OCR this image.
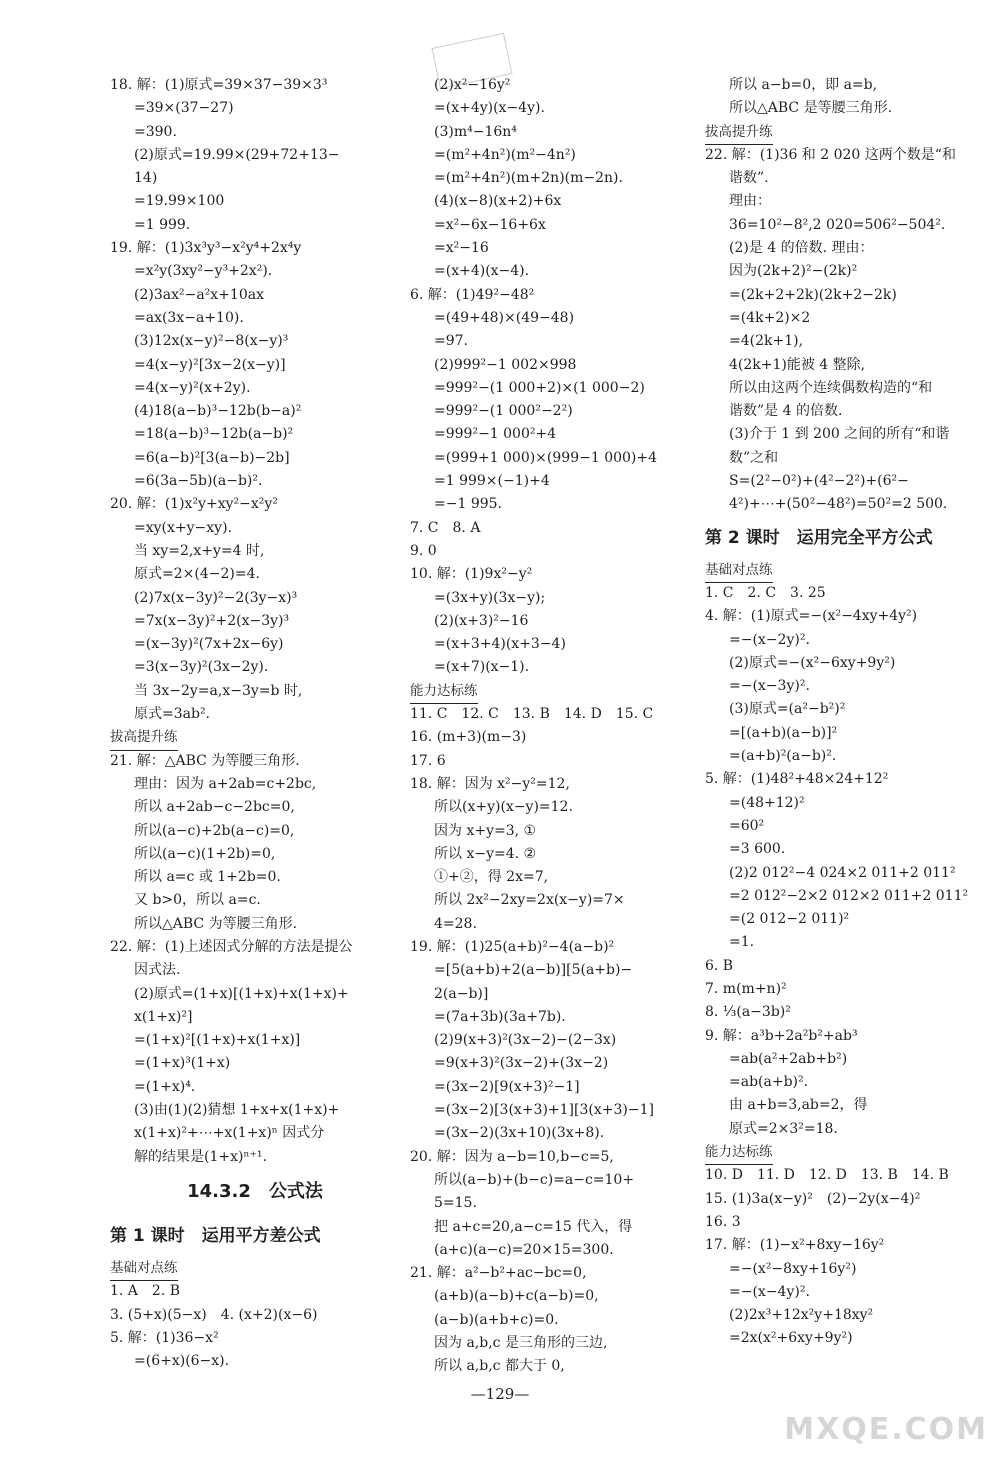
18. 解：(1)原式=39×37−39×3³
=39×(37−27)
=390.
(2)原式=19.99×(29+72+13−
14)
=19.99×100
=1 999.
19. 解：(1)3x³y³−x²y⁴+2x⁴y
=x²y(3xy²−y³+2x²).
(2)3ax²−a²x+10ax
=ax(3x−a+10).
(3)12x(x−y)²−8(x−y)³
=4(x−y)²[3x−2(x−y)]
=4(x−y)²(x+2y).
(4)18(a−b)³−12b(b−a)²
=18(a−b)³−12b(a−b)²
=6(a−b)²[3(a−b)−2b]
=6(3a−5b)(a−b)².
20. 解：(1)x²y+xy²−x²y²
=xy(x+y−xy).
当 xy=2,x+y=4 时,
原式=2×(4−2)=4.
(2)7x(x−3y)²−2(3y−x)³
=7x(x−3y)²+2(x−3y)³
=(x−3y)²(7x+2x−6y)
=3(x−3y)²(3x−2y).
当 3x−2y=a,x−3y=b 时,
原式=3ab².
拔高提升练
21. 解：△ABC 为等腰三角形.
理由：因为 a+2ab=c+2bc,
所以 a+2ab−c−2bc=0,
所以(a−c)+2b(a−c)=0,
所以(a−c)(1+2b)=0,
所以 a=c 或 1+2b=0.
又 b>0，所以 a=c.
所以△ABC 为等腰三角形.
22. 解：(1)上述因式分解的方法是提公
因式法.
(2)原式=(1+x)[(1+x)+x(1+x)+
x(1+x)²]
=(1+x)²[(1+x)+x(1+x)]
=(1+x)³(1+x)
=(1+x)⁴.
(3)由(1)(2)猜想 1+x+x(1+x)+
x(1+x)²+⋯+x(1+x)ⁿ 因式分
解的结果是(1+x)ⁿ⁺¹.
14.3.2　公式法
第 1 课时　运用平方差公式
基础对点练
1. A　2. B
3. (5+x)(5−x)　4. (x+2)(x−6)
5. 解：(1)36−x²
=(6+x)(6−x).
(2)x²−16y²
=(x+4y)(x−4y).
(3)m⁴−16n⁴
=(m²+4n²)(m²−4n²)
=(m²+4n²)(m+2n)(m−2n).
(4)(x−8)(x+2)+6x
=x²−6x−16+6x
=x²−16
=(x+4)(x−4).
6. 解：(1)49²−48²
=(49+48)×(49−48)
=97.
(2)999²−1 002×998
=999²−(1 000+2)×(1 000−2)
=999²−(1 000²−2²)
=999²−1 000²+4
=(999+1 000)×(999−1 000)+4
=1 999×(−1)+4
=−1 995.
7. C　8. A
9. 0
10. 解：(1)9x²−y²
=(3x+y)(3x−y);
(2)(x+3)²−16
=(x+3+4)(x+3−4)
=(x+7)(x−1).
能力达标练
11. C　12. C　13. B　14. D　15. C
16. (m+3)(m−3)
17. 6
18. 解：因为 x²−y²=12,
所以(x+y)(x−y)=12.
因为 x+y=3, ①
所以 x−y=4. ②
①+②，得 2x=7,
所以 2x²−2xy=2x(x−y)=7×
4=28.
19. 解：(1)25(a+b)²−4(a−b)²
=[5(a+b)+2(a−b)][5(a+b)−
2(a−b)]
=(7a+3b)(3a+7b).
(2)9(x+3)²(3x−2)−(2−3x)
=9(x+3)²(3x−2)+(3x−2)
=(3x−2)[9(x+3)²−1]
=(3x−2)[3(x+3)+1][3(x+3)−1]
=(3x−2)(3x+10)(3x+8).
20. 解：因为 a−b=10,b−c=5,
所以(a−b)+(b−c)=a−c=10+
5=15.
把 a+c=20,a−c=15 代入，得
(a+c)(a−c)=20×15=300.
21. 解：a²−b²+ac−bc=0,
(a+b)(a−b)+c(a−b)=0,
(a−b)(a+b+c)=0.
因为 a,b,c 是三角形的三边,
所以 a,b,c 都大于 0,
所以 a−b=0，即 a=b,
所以△ABC 是等腰三角形.
拔高提升练
22. 解：(1)36 和 2 020 这两个数是“和
谐数”.
理由：
36=10²−8²,2 020=506²−504².
(2)是 4 的倍数. 理由：
因为(2k+2)²−(2k)²
=(2k+2+2k)(2k+2−2k)
=(4k+2)×2
=4(2k+1),
4(2k+1)能被 4 整除,
所以由这两个连续偶数构造的“和
谐数”是 4 的倍数.
(3)介于 1 到 200 之间的所有“和谐
数”之和
S=(2²−0²)+(4²−2²)+(6²−
4²)+⋯+(50²−48²)=50²=2 500.
第 2 课时　运用完全平方公式
基础对点练
1. C　2. C　3. 25
4. 解：(1)原式=−(x²−4xy+4y²)
=−(x−2y)².
(2)原式=−(x²−6xy+9y²)
=−(x−3y)².
(3)原式=(a²−b²)²
=[(a+b)(a−b)]²
=(a+b)²(a−b)².
5. 解：(1)48²+48×24+12²
=(48+12)²
=60²
=3 600.
(2)2 012²−4 024×2 011+2 011²
=2 012²−2×2 012×2 011+2 011²
=(2 012−2 011)²
=1.
6. B
7. m(m+n)²
8. ⅓(a−3b)²
9. 解：a³b+2a²b²+ab³
=ab(a²+2ab+b²)
=ab(a+b)².
由 a+b=3,ab=2，得
原式=2×3²=18.
能力达标练
10. D　11. D　12. D　13. B　14. B
15. (1)3a(x−y)²　(2)−2y(x−4)²
16. 3
17. 解：(1)−x²+8xy−16y²
=−(x²−8xy+16y²)
=−(x−4y)².
(2)2x³+12x²y+18xy²
=2x(x²+6xy+9y²)
—129—
MXQE.COM
